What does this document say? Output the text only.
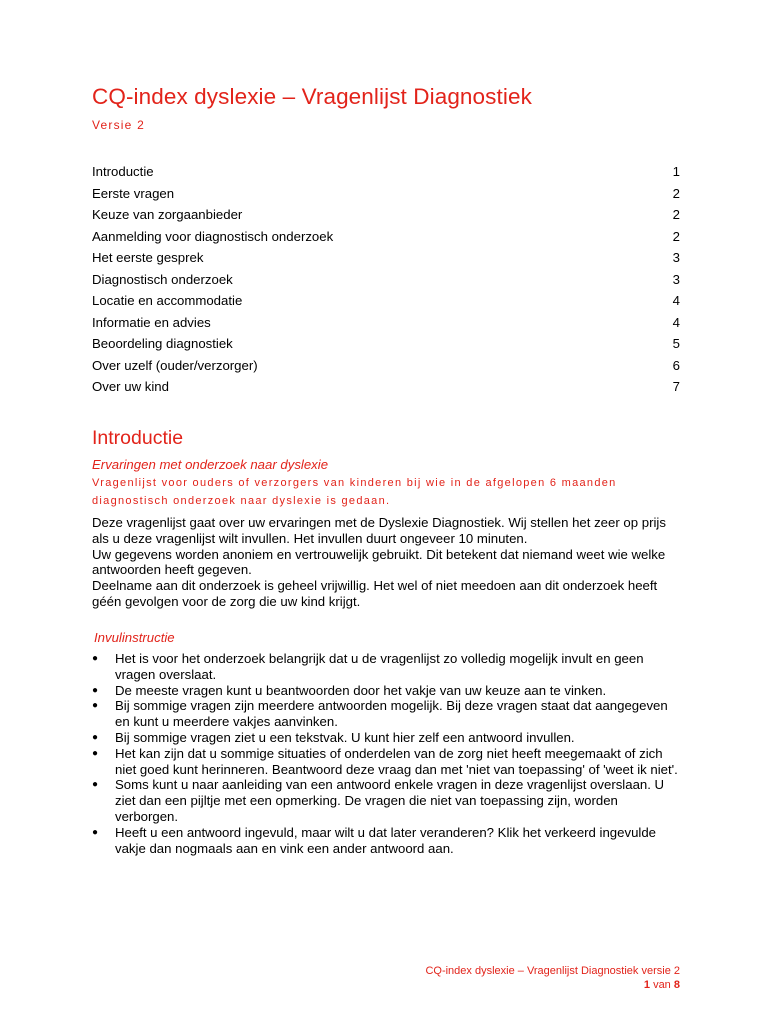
CQ-index dyslexie – Vragenlijst Diagnostiek

Versie 2

Introductie	1
Eerste vragen	2
Keuze van zorgaanbieder	2
Aanmelding voor diagnostisch onderzoek	2
Het eerste gesprek	3
Diagnostisch onderzoek	3
Locatie en accommodatie	4
Informatie en advies	4
Beoordeling diagnostiek	5
Over uzelf (ouder/verzorger)	6
Over uw kind	7
Introductie

Ervaringen met onderzoek naar dyslexie

Vragenlijst voor ouders of verzorgers van kinderen bij wie in de afgelopen 6 maanden diagnostisch onderzoek naar dyslexie is gedaan.

Deze vragenlijst gaat over uw ervaringen met de Dyslexie Diagnostiek. Wij stellen het zeer op prijs als u deze vragenlijst wilt invullen. Het invullen duurt ongeveer 10 minuten.

Uw gegevens worden anoniem en vertrouwelijk gebruikt. Dit betekent dat niemand weet wie welke antwoorden heeft gegeven.

Deelname aan dit onderzoek is geheel vrijwillig. Het wel of niet meedoen aan dit onderzoek heeft géén gevolgen voor de zorg die uw kind krijgt.

Invulinstructie

● Het is voor het onderzoek belangrijk dat u de vragenlijst zo volledig mogelijk invult en geen vragen overslaat.
● De meeste vragen kunt u beantwoorden door het vakje van uw keuze aan te vinken.
● Bij sommige vragen zijn meerdere antwoorden mogelijk. Bij deze vragen staat dat aangegeven en kunt u meerdere vakjes aanvinken.
● Bij sommige vragen ziet u een tekstvak. U kunt hier zelf een antwoord invullen.
● Het kan zijn dat u sommige situaties of onderdelen van de zorg niet heeft meegemaakt of zich niet goed kunt herinneren. Beantwoord deze vraag dan met 'niet van toepassing' of 'weet ik niet'.
● Soms kunt u naar aanleiding van een antwoord enkele vragen in deze vragenlijst overslaan. U ziet dan een pijltje met een opmerking. De vragen die niet van toepassing zijn, worden verborgen.
● Heeft u een antwoord ingevuld, maar wilt u dat later veranderen? Klik het verkeerd ingevulde vakje dan nogmaals aan en vink een ander antwoord aan.
CQ-index dyslexie – Vragenlijst Diagnostiek versie 2
1 van 8
